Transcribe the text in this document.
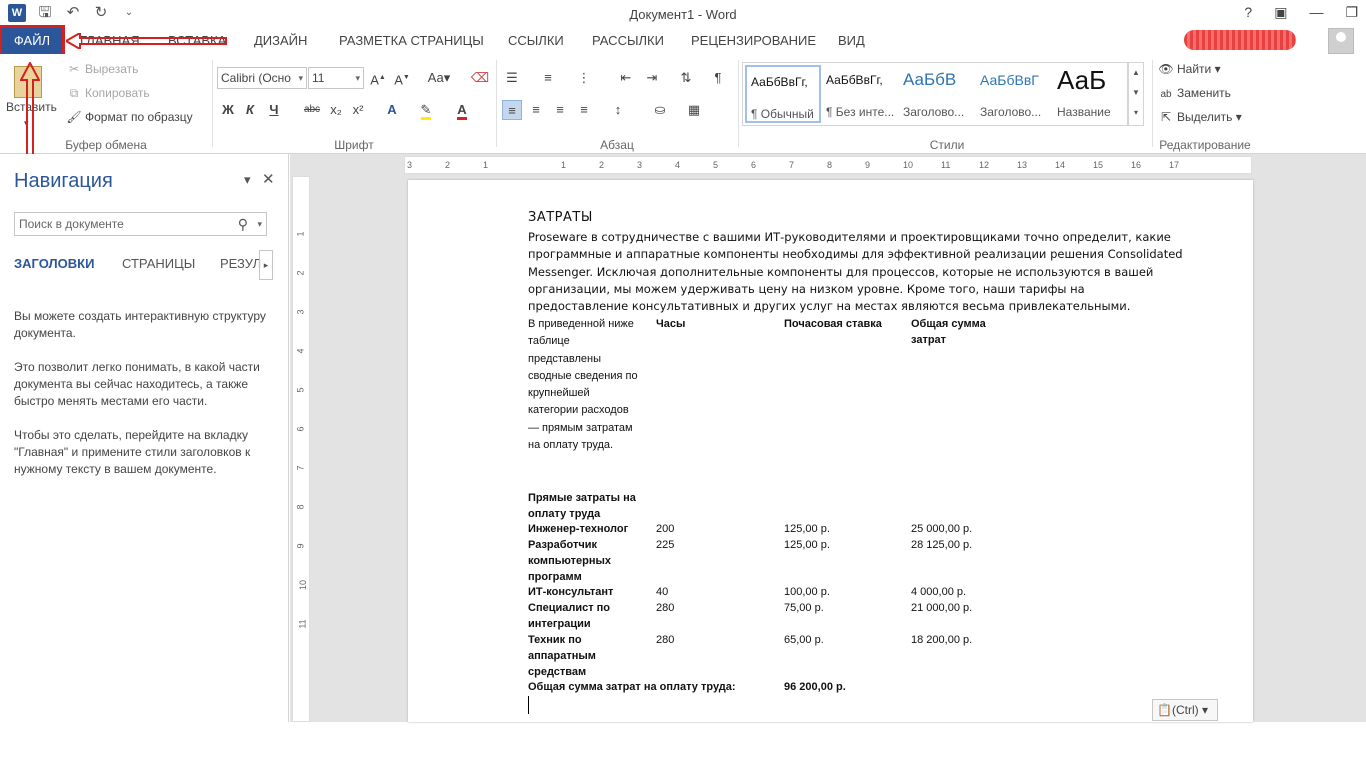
W 🖫 ↶ ↻	⌄	Документ1 - Word	? ▣ — ❐
ФАЙЛ	ГЛАВНАЯ ВСТАВКА ДИЗАЙН РАЗМЕТКА СТРАНИЦЫ ССЫЛКИ РАССЫЛКИ РЕЦЕНЗИРОВАНИЕ ВИД
Вставить
▾
✂ Вырезать
⧉ Копировать
🖌 Формат по образцу
Буфер обмена
Calibri (Осно ▾ 11	▾ A▲ A▼ Aa▾ ⌫
Ж К	Ч	abc x₂ x²	A	✎	A
Шрифт
☰	≡	⋮	⇤	⇥	⇅	¶
≡	≡	≡	≡	↕	⛀	▦
Абзац
АаБбВвГг,
¶ Обычный
АаБбВвГг,
¶ Без инте...
АаБбВ
Заголово...
АаБбВвГ
Заголово...
АаБ
Название
▲
▼
▾
Стили
👁 Найти ▾
ab Заменить
⇱ Выделить ▾
Редактирование
Навигация	▾ ✕
Поиск в документе	⚲ ▾
ЗАГОЛОВКИ СТРАНИЦЫ РЕЗУЛ ▸
Вы можете создать интерактивную структуру документа.
Это позволит легко понимать, в какой части документа вы сейчас находитесь, а также быстро менять местами его части.
Чтобы это сделать, перейдите на вкладку "Главная" и примените стили заголовков к нужному тексту в вашем документе.
3	2	1	1	2	3	4	5	6	7	8	9	10	11	12	13	14	15	16	17
1
2
3
4
5
6
7
8
9
10
11
ЗАТРАТЫ
Proseware в сотрудничестве с вашими ИТ-руководителями и проектировщиками точно определит, какие программные и аппаратные компоненты необходимы для эффективной реализации решения Consolidated Messenger. Исключая дополнительные компоненты для процессов, которые не используются в вашей организации, мы можем удерживать цену на низком уровне. Кроме того, наши тарифы на предоставление консультативных и других услуг на местах являются весьма привлекательными.
В приведенной ниже таблице представлены сводные сведения по крупнейшей категории расходов — прямым затратам на оплату труда.
Часы	Почасовая ставка	Общая сумма затрат
Прямые затраты на оплату труда
Инженер-технолог	200	125,00 р.	25 000,00 р.
Разработчик компьютерных программ
225	125,00 р.	28 125,00 р.
ИТ-консультант	40	100,00 р.	4 000,00 р.
Специалист по интеграции
280	75,00 р.	21 000,00 р.
Техник по аппаратным средствам
280	65,00 р.	18 200,00 р.
Общая сумма затрат на оплату труда:	96 200,00 р.
📋(Ctrl) ▾
